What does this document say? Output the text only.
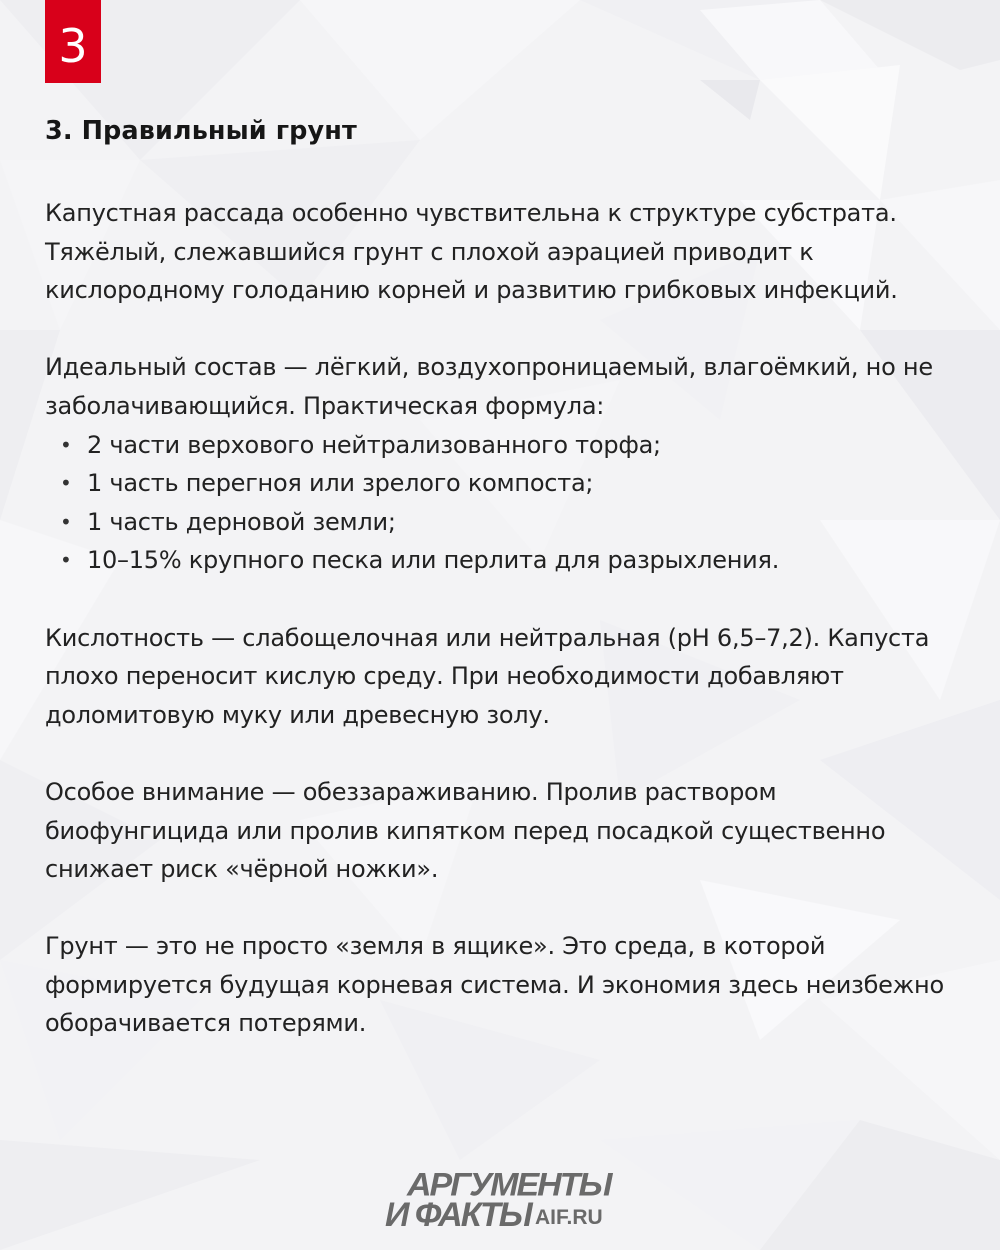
3
3. Правильный грунт

Капустная рассада особенно чувствительна к структуре субстрата. Тяжёлый, слежавшийся грунт с плохой аэрацией приводит к кислородному голоданию корней и развитию грибковых инфекций.

Идеальный состав — лёгкий, воздухопроницаемый, влагоёмкий, но не заболачивающийся. Практическая формула:

• 2 части верхового нейтрализованного торфа;
• 1 часть перегноя или зрелого компоста;
• 1 часть дерновой земли;
• 10–15% крупного песка или перлита для разрыхления.

Кислотность — слабощелочная или нейтральная (pH 6,5–7,2). Капуста плохо переносит кислую среду. При необходимости добавляют доломитовую муку или древесную золу.

Особое внимание — обеззараживанию. Пролив раствором биофунгицида или пролив кипятком перед посадкой существенно снижает риск «чёрной ножки».

Грунт — это не просто «земля в ящике». Это среда, в которой формируется будущая корневая система. И экономия здесь неизбежно оборачивается потерями.

АРГУМЕНТЫ
И ФАКТЫ AIF.RU
